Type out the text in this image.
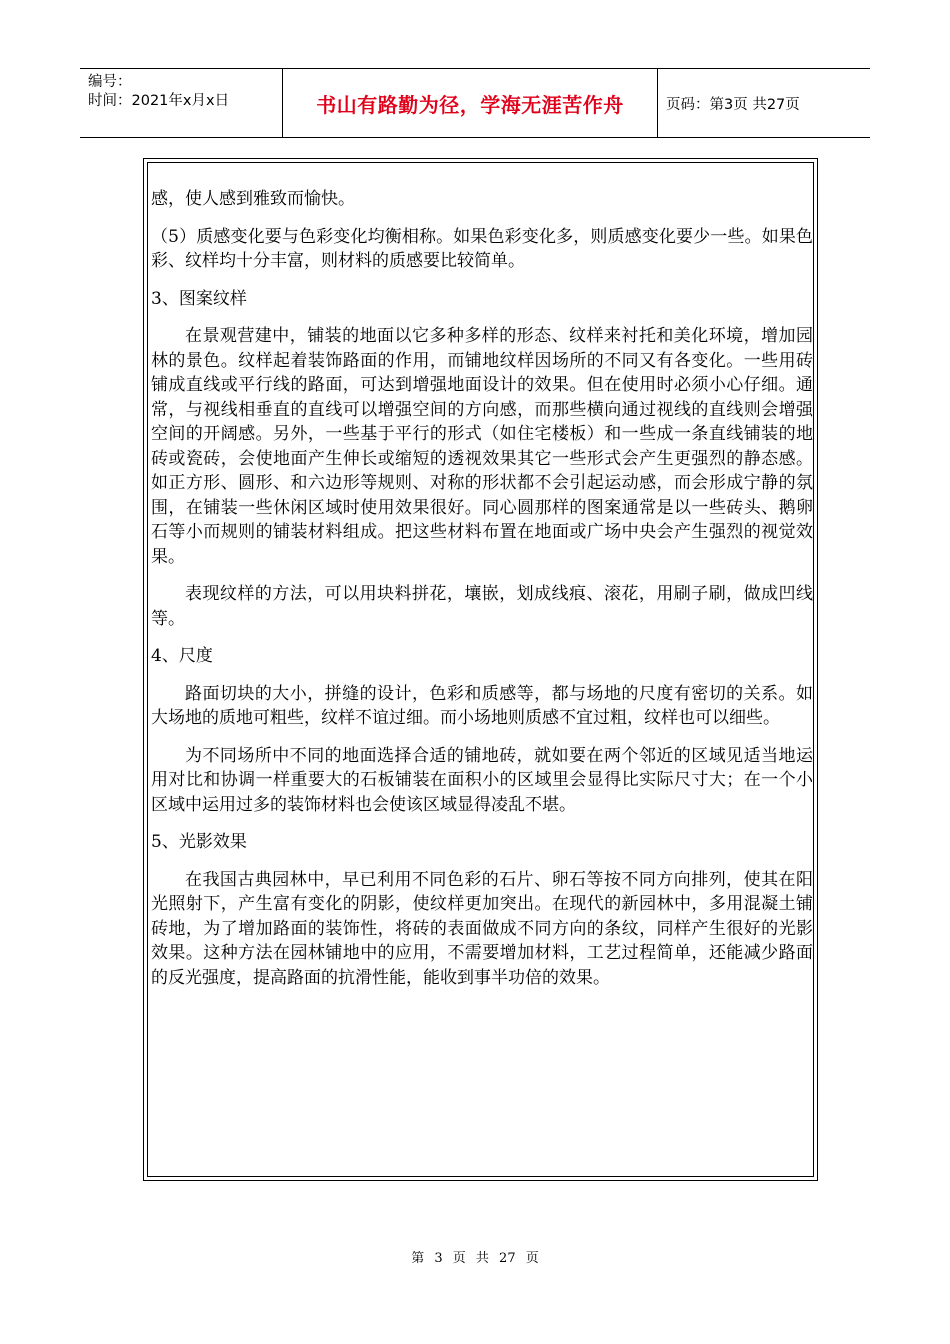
编号：
时间：2021年x月x日	书山有路勤为径，学海无涯苦作舟	页码：第3页 共27页

感，使人感到雅致而愉快。

（5）质感变化要与色彩变化均衡相称。如果色彩变化多，则质感变化要少一些。如果色彩、纹样均十分丰富，则材料的质感要比较简单。

3、图案纹样

在景观营建中，铺装的地面以它多种多样的形态、纹样来衬托和美化环境，增加园林的景色。纹样起着装饰路面的作用，而铺地纹样因场所的不同又有各变化。一些用砖铺成直线或平行线的路面，可达到增强地面设计的效果。但在使用时必须小心仔细。通常，与视线相垂直的直线可以增强空间的方向感，而那些横向通过视线的直线则会增强空间的开阔感。另外，一些基于平行的形式（如住宅楼板）和一些成一条直线铺装的地砖或瓷砖，会使地面产生伸长或缩短的透视效果其它一些形式会产生更强烈的静态感。如正方形、圆形、和六边形等规则、对称的形状都不会引起运动感，而会形成宁静的氛围，在铺装一些休闲区域时使用效果很好。同心圆那样的图案通常是以一些砖头、鹅卵石等小而规则的铺装材料组成。把这些材料布置在地面或广场中央会产生强烈的视觉效果。

表现纹样的方法，可以用块料拼花，壤嵌，划成线痕、滚花，用刷子刷，做成凹线等。

4、尺度

路面切块的大小，拼缝的设计，色彩和质感等，都与场地的尺度有密切的关系。如大场地的质地可粗些，纹样不谊过细。而小场地则质感不宜过粗，纹样也可以细些。

为不同场所中不同的地面选择合适的铺地砖，就如要在两个邻近的区域见适当地运用对比和协调一样重要大的石板铺装在面积小的区域里会显得比实际尺寸大；在一个小区域中运用过多的装饰材料也会使该区域显得凌乱不堪。

5、光影效果

在我国古典园林中，早已利用不同色彩的石片、卵石等按不同方向排列，使其在阳光照射下，产生富有变化的阴影，使纹样更加突出。在现代的新园林中，多用混凝土铺砖地，为了增加路面的装饰性，将砖的表面做成不同方向的条纹，同样产生很好的光影效果。这种方法在园林铺地中的应用，不需要增加材料，工艺过程简单，还能减少路面的反光强度，提高路面的抗滑性能，能收到事半功倍的效果。

第 3 页 共 27 页
